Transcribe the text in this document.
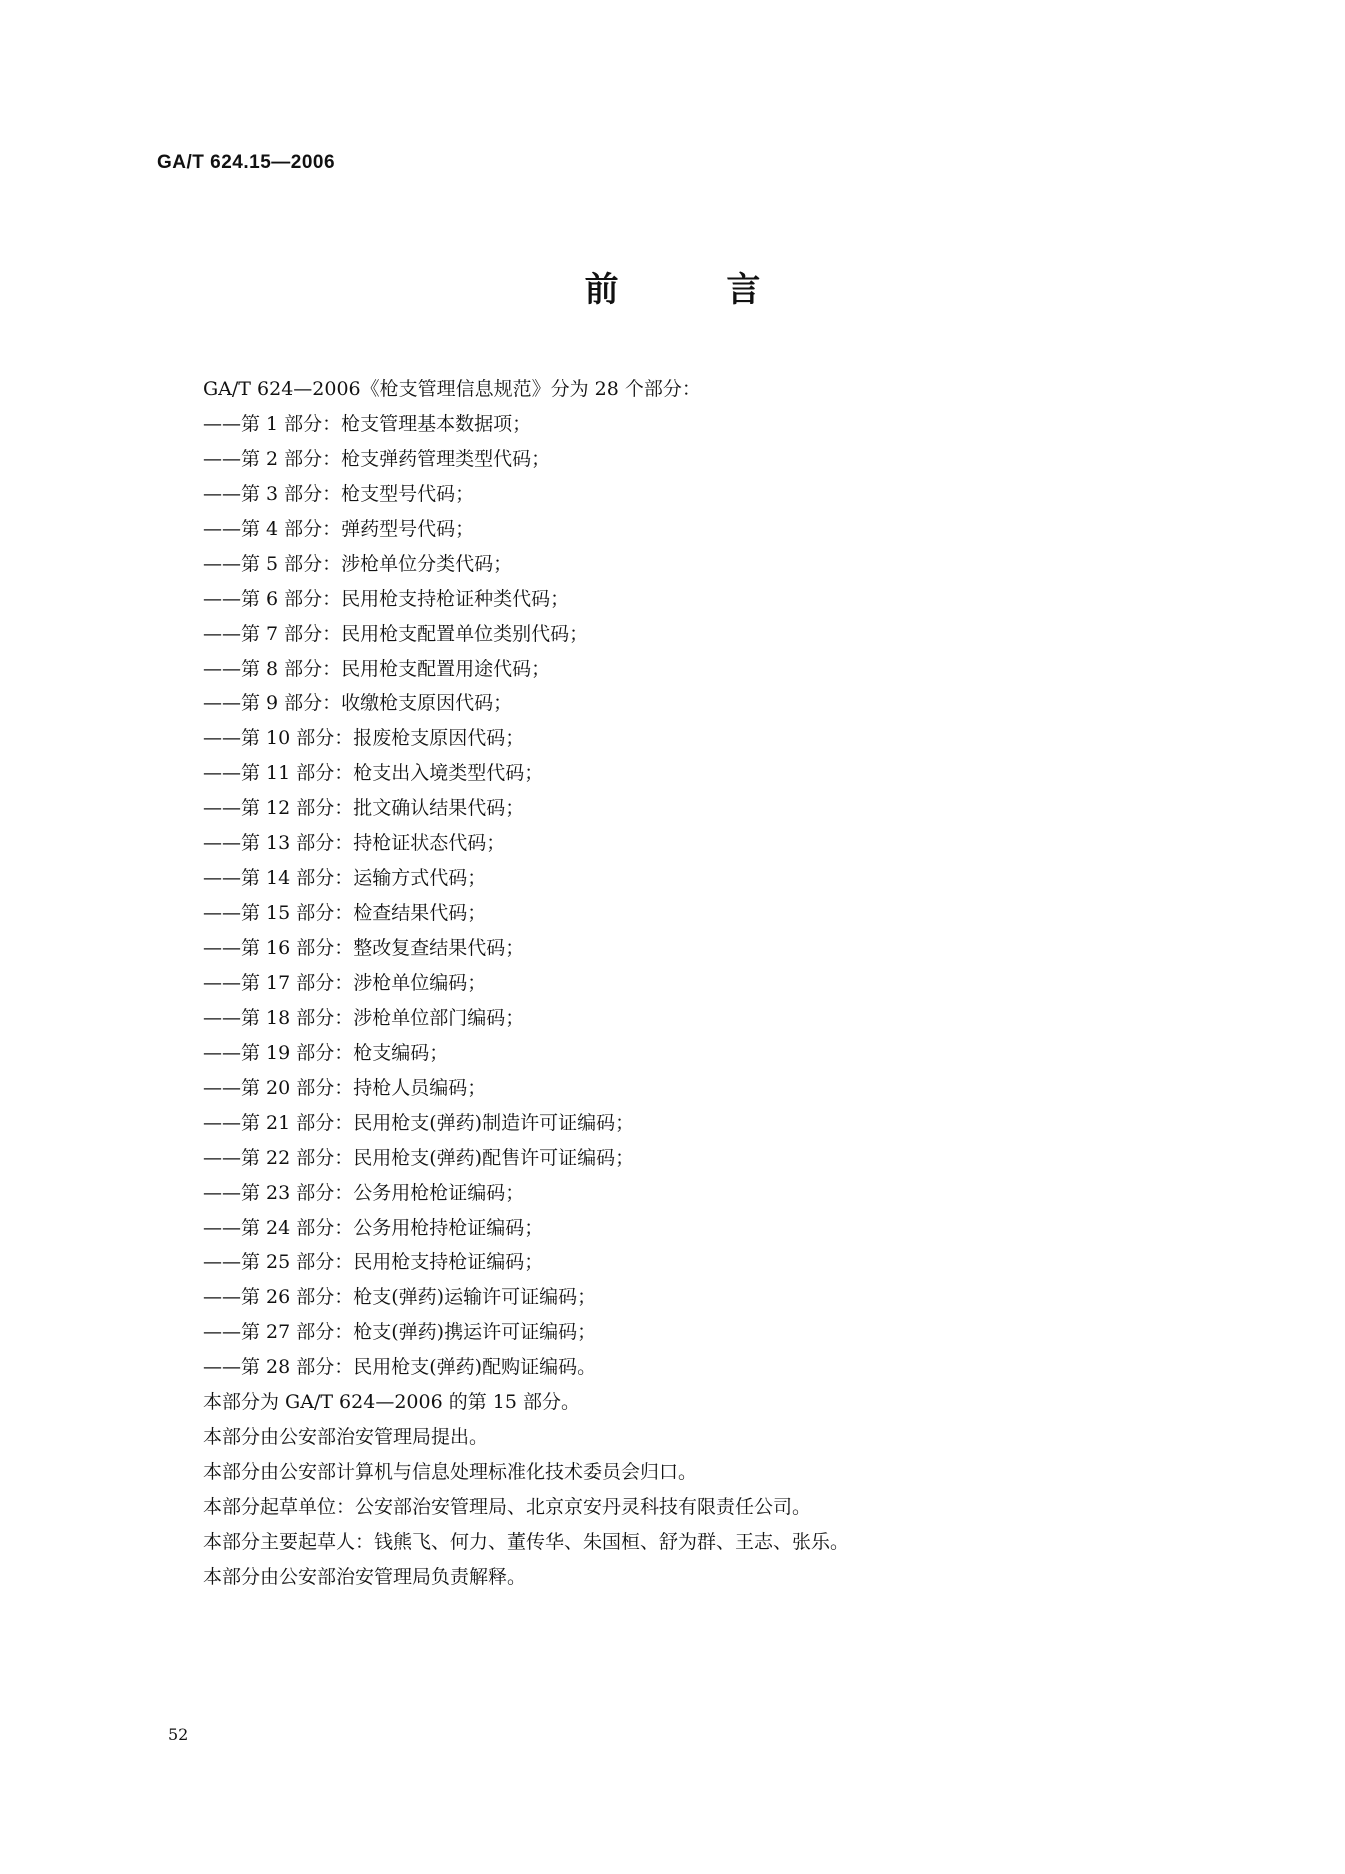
GA/T 624.15—2006
前 言
GA/T 624—2006《枪支管理信息规范》分为 28 个部分：
——第 1 部分：枪支管理基本数据项；
——第 2 部分：枪支弹药管理类型代码；
——第 3 部分：枪支型号代码；
——第 4 部分：弹药型号代码；
——第 5 部分：涉枪单位分类代码；
——第 6 部分：民用枪支持枪证种类代码；
——第 7 部分：民用枪支配置单位类别代码；
——第 8 部分：民用枪支配置用途代码；
——第 9 部分：收缴枪支原因代码；
——第 10 部分：报废枪支原因代码；
——第 11 部分：枪支出入境类型代码；
——第 12 部分：批文确认结果代码；
——第 13 部分：持枪证状态代码；
——第 14 部分：运输方式代码；
——第 15 部分：检查结果代码；
——第 16 部分：整改复查结果代码；
——第 17 部分：涉枪单位编码；
——第 18 部分：涉枪单位部门编码；
——第 19 部分：枪支编码；
——第 20 部分：持枪人员编码；
——第 21 部分：民用枪支(弹药)制造许可证编码；
——第 22 部分：民用枪支(弹药)配售许可证编码；
——第 23 部分：公务用枪枪证编码；
——第 24 部分：公务用枪持枪证编码；
——第 25 部分：民用枪支持枪证编码；
——第 26 部分：枪支(弹药)运输许可证编码；
——第 27 部分：枪支(弹药)携运许可证编码；
——第 28 部分：民用枪支(弹药)配购证编码。
本部分为 GA/T 624—2006 的第 15 部分。
本部分由公安部治安管理局提出。
本部分由公安部计算机与信息处理标准化技术委员会归口。
本部分起草单位：公安部治安管理局、北京京安丹灵科技有限责任公司。
本部分主要起草人：钱熊飞、何力、董传华、朱国桓、舒为群、王志、张乐。
本部分由公安部治安管理局负责解释。
52
